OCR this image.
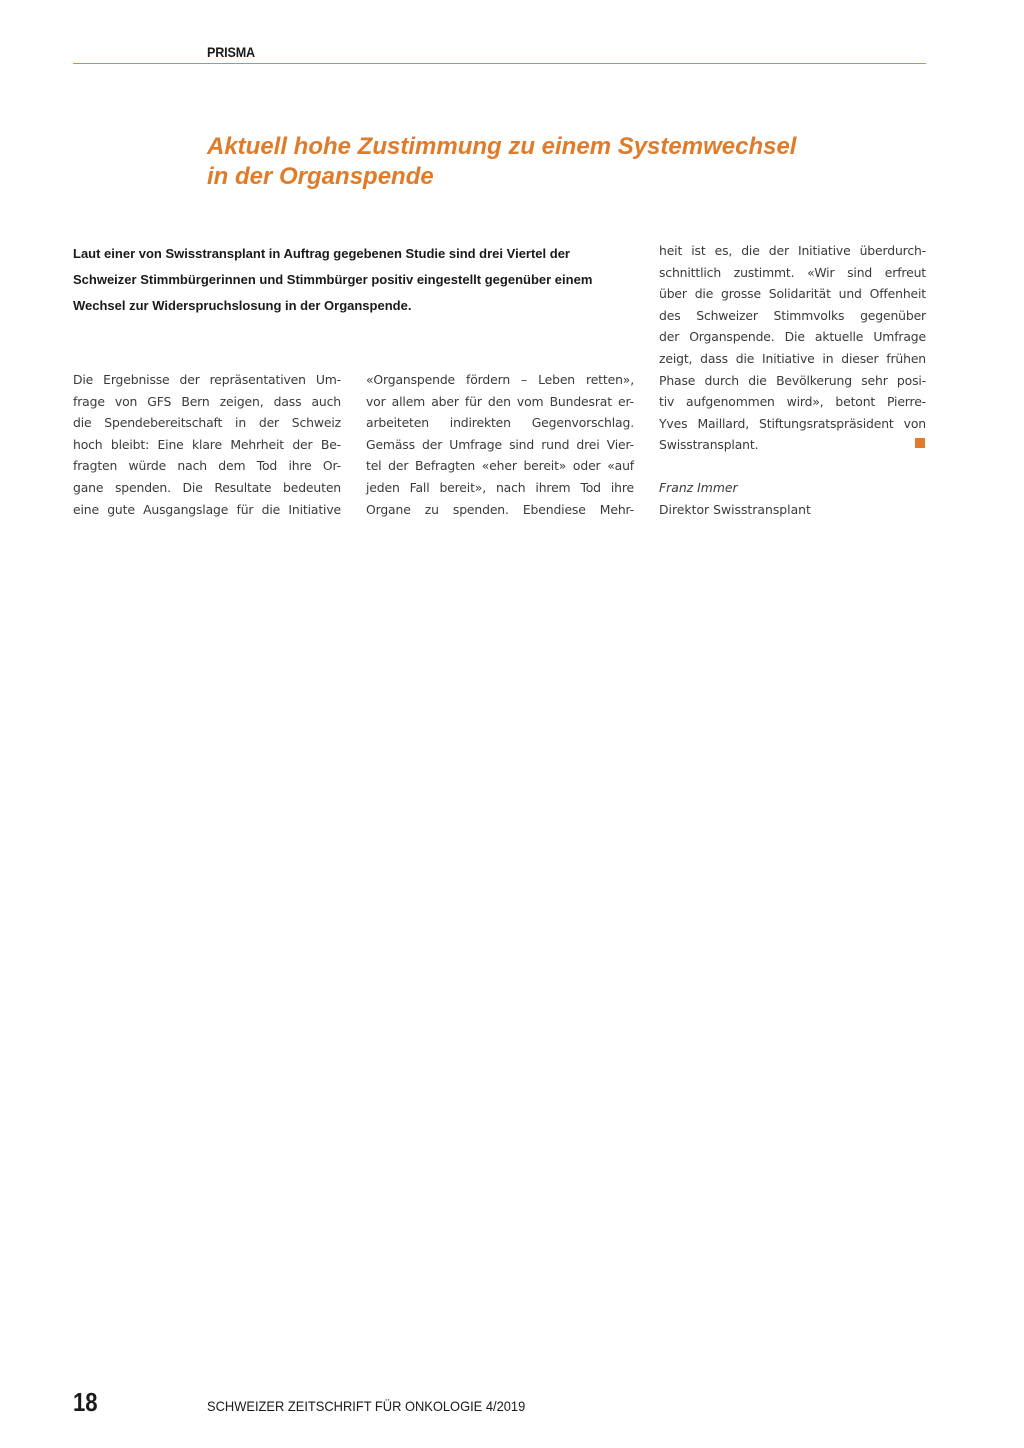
PRISMA
Aktuell hohe Zustimmung zu einem Systemwechsel
in der Organspende
Laut einer von Swisstransplant in Auftrag gegebenen Studie sind drei Viertel der
Schweizer Stimmbürgerinnen und Stimmbürger positiv eingestellt gegenüber einem
Wechsel zur Widerspruchslosung in der Organspende.
Die Ergebnisse der repräsentativen Um-
frage von GFS Bern zeigen, dass auch
die Spendebereitschaft in der Schweiz
hoch bleibt: Eine klare Mehrheit der Be-
fragten würde nach dem Tod ihre Or-
gane spenden. Die Resultate bedeuten
eine gute Ausgangslage für die Initiative
«Organspende fördern – Leben retten»,
vor allem aber für den vom Bundesrat er-
arbeiteten indirekten Gegenvorschlag.
Gemäss der Umfrage sind rund drei Vier-
tel der Befragten «eher bereit» oder «auf
jeden Fall bereit», nach ihrem Tod ihre
Organe zu spenden. Ebendiese Mehr-
heit ist es, die der Initiative überdurch-
schnittlich zustimmt. «Wir sind erfreut
über die grosse Solidarität und Offenheit
des Schweizer Stimmvolks gegenüber
der Organspende. Die aktuelle Umfrage
zeigt, dass die Initiative in dieser frühen
Phase durch die Bevölkerung sehr posi-
tiv aufgenommen wird», betont Pierre-
Yves Maillard, Stiftungsratspräsident von
Swisstransplant.
Franz Immer
Direktor Swisstransplant
18	SCHWEIZER ZEITSCHRIFT FÜR ONKOLOGIE 4/2019
